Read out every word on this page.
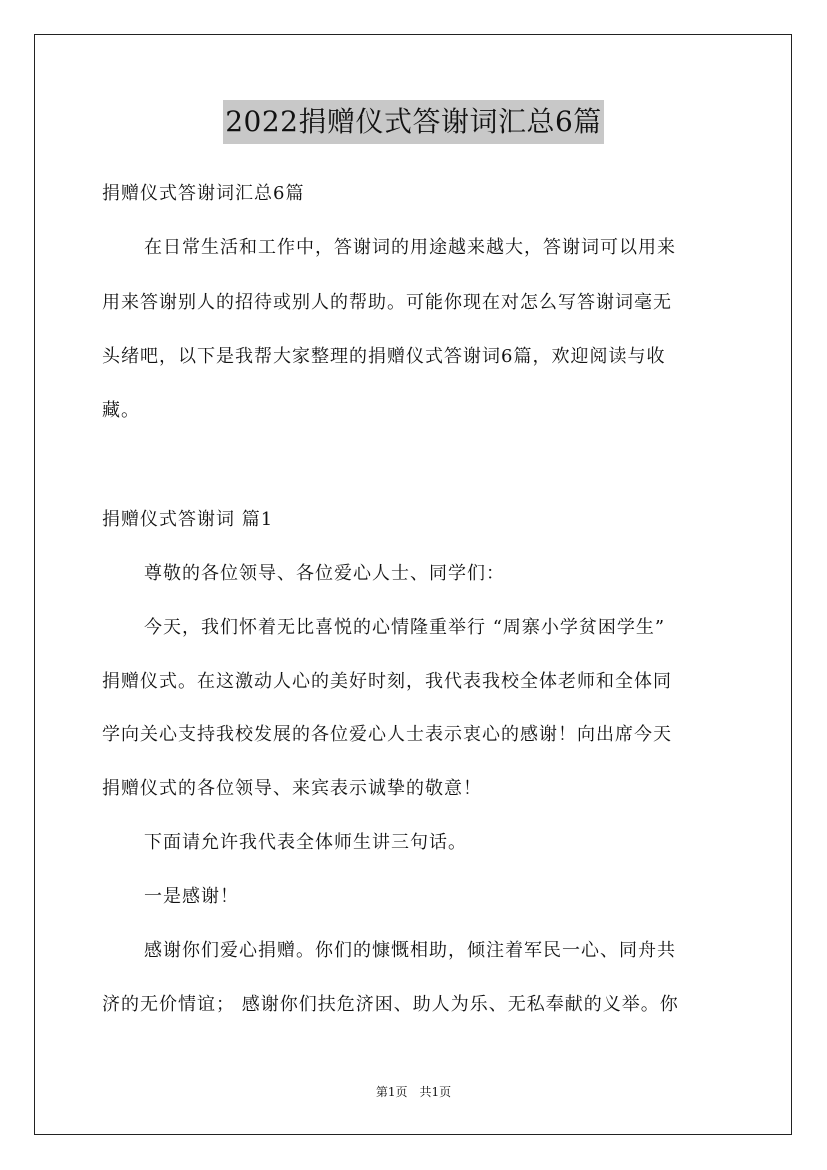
2022捐赠仪式答谢词汇总6篇
捐赠仪式答谢词汇总6篇
在日常生活和工作中，答谢词的用途越来越大，答谢词可以用来
用来答谢别人的招待或别人的帮助。可能你现在对怎么写答谢词毫无
头绪吧，以下是我帮大家整理的捐赠仪式答谢词6篇，欢迎阅读与收
藏。
捐赠仪式答谢词 篇1
尊敬的各位领导、各位爱心人士、同学们：
今天，我们怀着无比喜悦的心情隆重举行 “周寨小学贫困学生”
捐赠仪式。在这激动人心的美好时刻，我代表我校全体老师和全体同
学向关心支持我校发展的各位爱心人士表示衷心的感谢！向出席今天
捐赠仪式的各位领导、来宾表示诚挚的敬意！
下面请允许我代表全体师生讲三句话。
一是感谢！
感谢你们爱心捐赠。你们的慷慨相助，倾注着军民一心、同舟共
济的无价情谊； 感谢你们扶危济困、助人为乐、无私奉献的义举。你
第1页　共1页
